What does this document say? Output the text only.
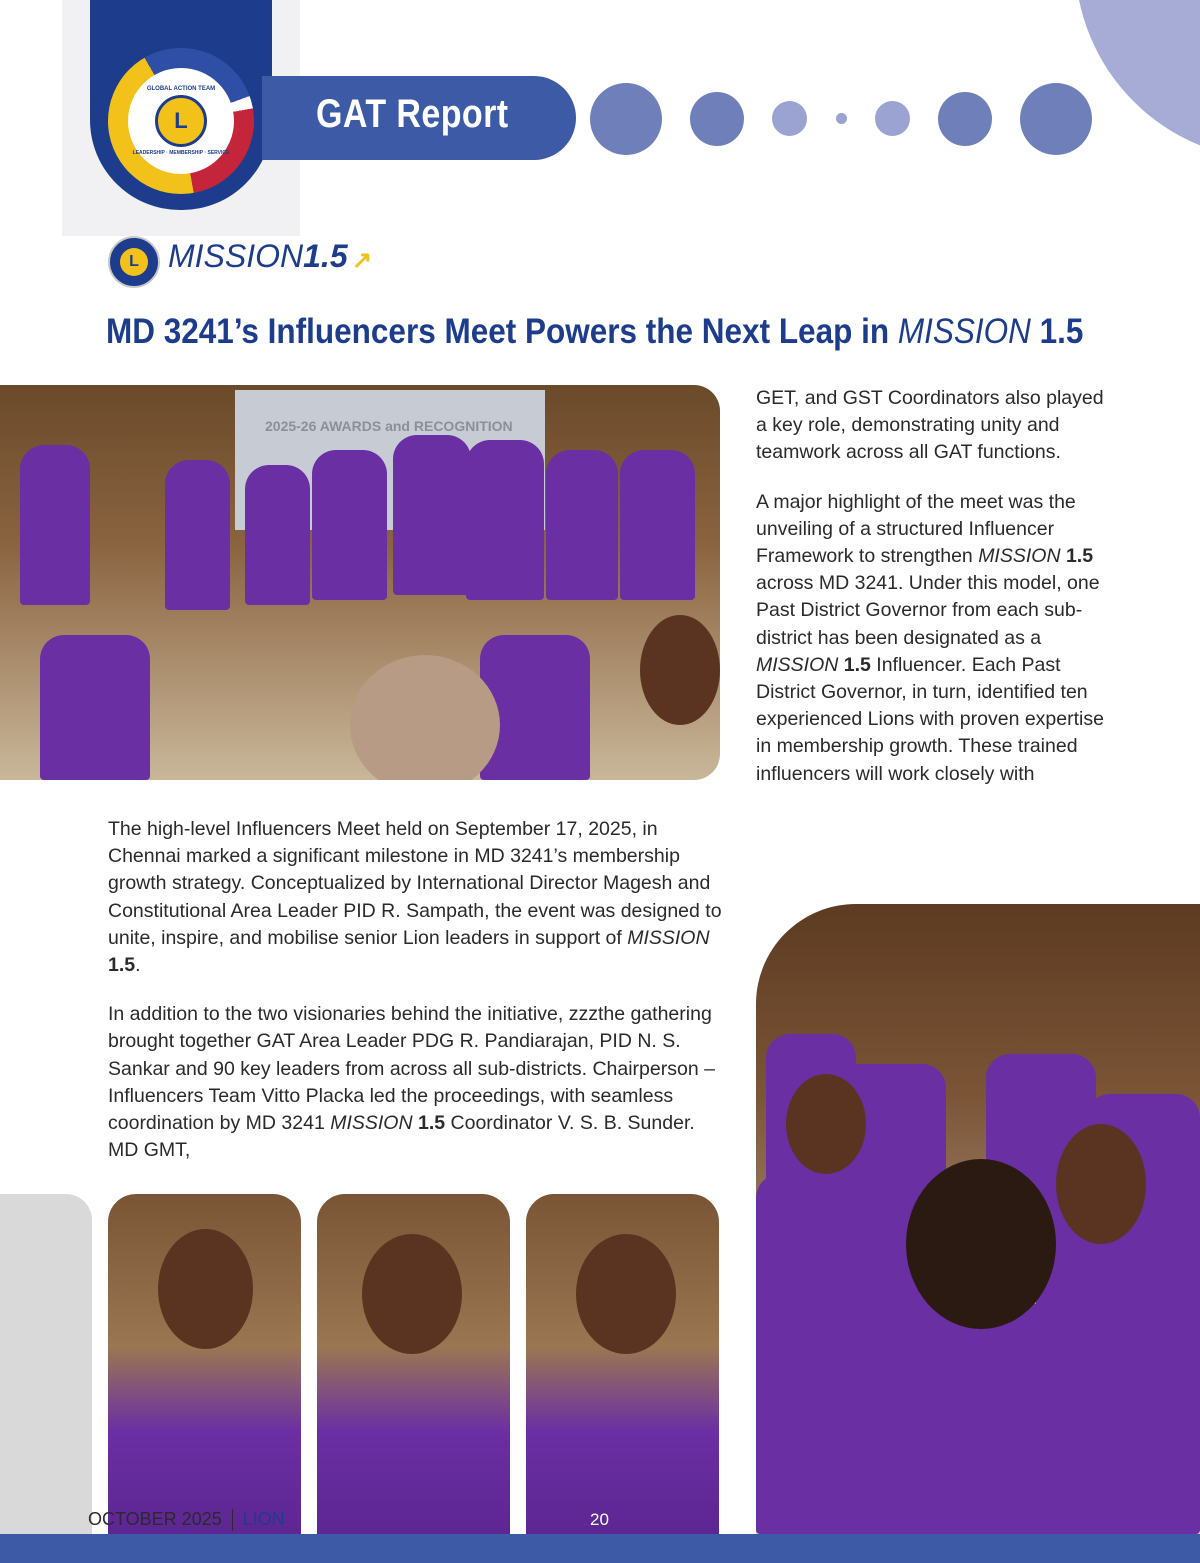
GLOBAL ACTION TEAM
L
LEADERSHIP · MEMBERSHIP · SERVICE
GAT Report
L MISSION1.5 ↗
MD 3241’s Influencers Meet Powers the Next Leap in MISSION 1.5
2025-26 AWARDS and RECOGNITION

GET, and GST Coordinators also played a key role, demonstrating unity and teamwork across all GAT functions.

A major highlight of the meet was the unveiling of a structured Influencer Framework to strengthen MISSION 1.5 across MD 3241. Under this model, one Past District Governor from each sub-district has been designated as a MISSION 1.5 Influencer. Each Past District Governor, in turn, identified ten experienced Lions with proven expertise in membership growth. These trained influencers will work closely with

The high-level Influencers Meet held on September 17, 2025, in Chennai marked a significant milestone in MD 3241’s membership growth strategy. Conceptualized by International Director Magesh and Constitutional Area Leader PID R. Sampath, the event was designed to unite, inspire, and mobilise senior Lion leaders in support of MISSION 1.5.

In addition to the two visionaries behind the initiative, zzzthe gathering brought together GAT Area Leader PDG R. Pandiarajan, PID N. S. Sankar and 90 key leaders from across all sub-districts. Chairperson – Influencers Team Vitto Placka led the proceedings, with seamless coordination by MD 3241 MISSION 1.5 Coordinator V. S. B. Sunder. MD GMT,

OCTOBER 2025 LION	20
